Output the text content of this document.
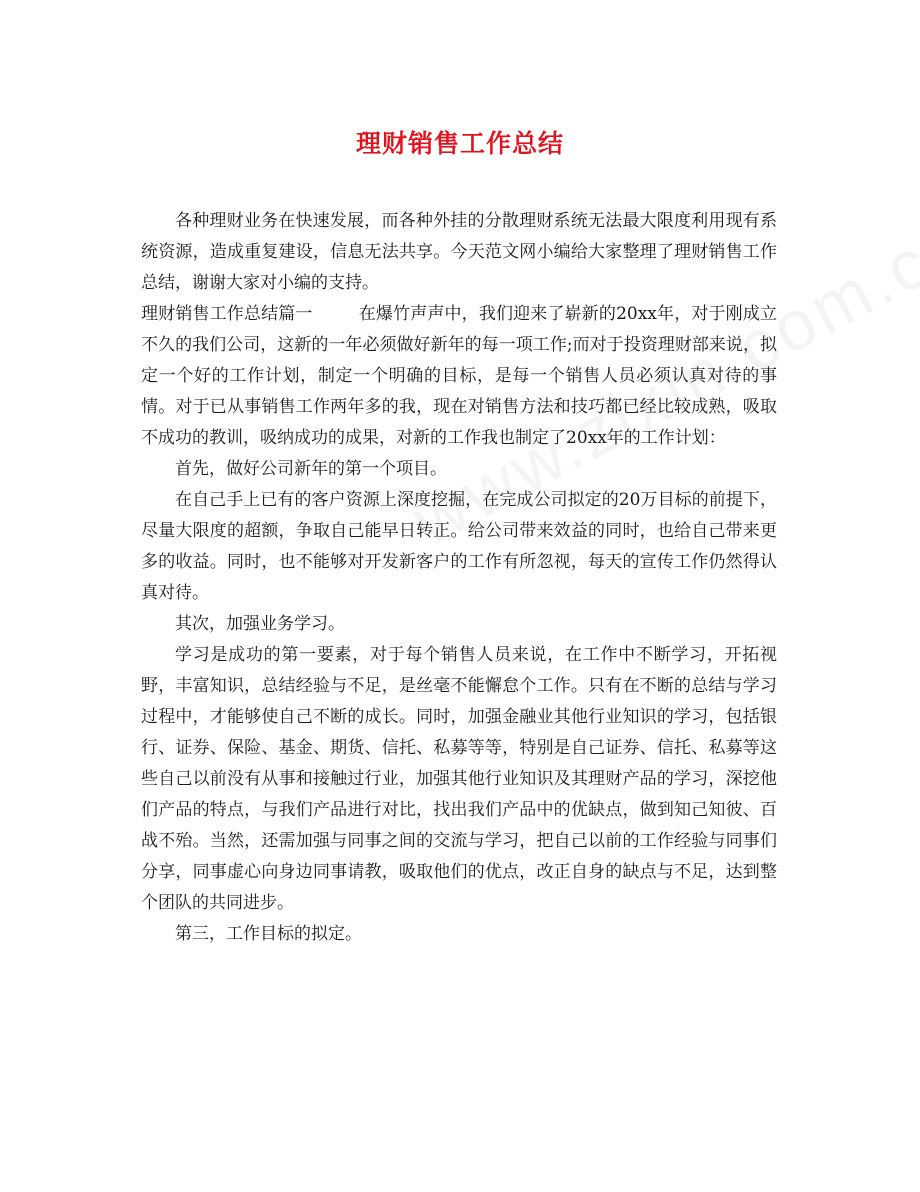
理财销售工作总结

各种理财业务在快速发展，而各种外挂的分散理财系统无法最大限度利用现有系统资源，造成重复建设，信息无法共享。今天范文网小编给大家整理了理财销售工作总结，谢谢大家对小编的支持。

理财销售工作总结篇一	在爆竹声声中，我们迎来了崭新的20xx年，对于刚成立不久的我们公司，这新的一年必须做好新年的每一项工作;而对于投资理财部来说，拟定一个好的工作计划，制定一个明确的目标，是每一个销售人员必须认真对待的事情。对于已从事销售工作两年多的我，现在对销售方法和技巧都已经比较成熟，吸取不成功的教训，吸纳成功的成果，对新的工作我也制定了20xx年的工作计划：

首先，做好公司新年的第一个项目。

在自己手上已有的客户资源上深度挖掘，在完成公司拟定的20万目标的前提下，尽量大限度的超额，争取自己能早日转正。给公司带来效益的同时，也给自己带来更多的收益。同时，也不能够对开发新客户的工作有所忽视，每天的宣传工作仍然得认真对待。

其次，加强业务学习。

学习是成功的第一要素，对于每个销售人员来说，在工作中不断学习，开拓视野，丰富知识，总结经验与不足，是丝毫不能懈怠个工作。只有在不断的总结与学习过程中，才能够使自己不断的成长。同时，加强金融业其他行业知识的学习，包括银行、证券、保险、基金、期货、信托、私募等等，特别是自己证券、信托、私募等这些自己以前没有从事和接触过行业，加强其他行业知识及其理财产品的学习，深挖他们产品的特点，与我们产品进行对比，找出我们产品中的优缺点，做到知己知彼、百战不殆。当然，还需加强与同事之间的交流与学习，把自己以前的工作经验与同事们分享，同事虚心向身边同事请教，吸取他们的优点，改正自身的缺点与不足，达到整个团队的共同进步。

第三，工作目标的拟定。
